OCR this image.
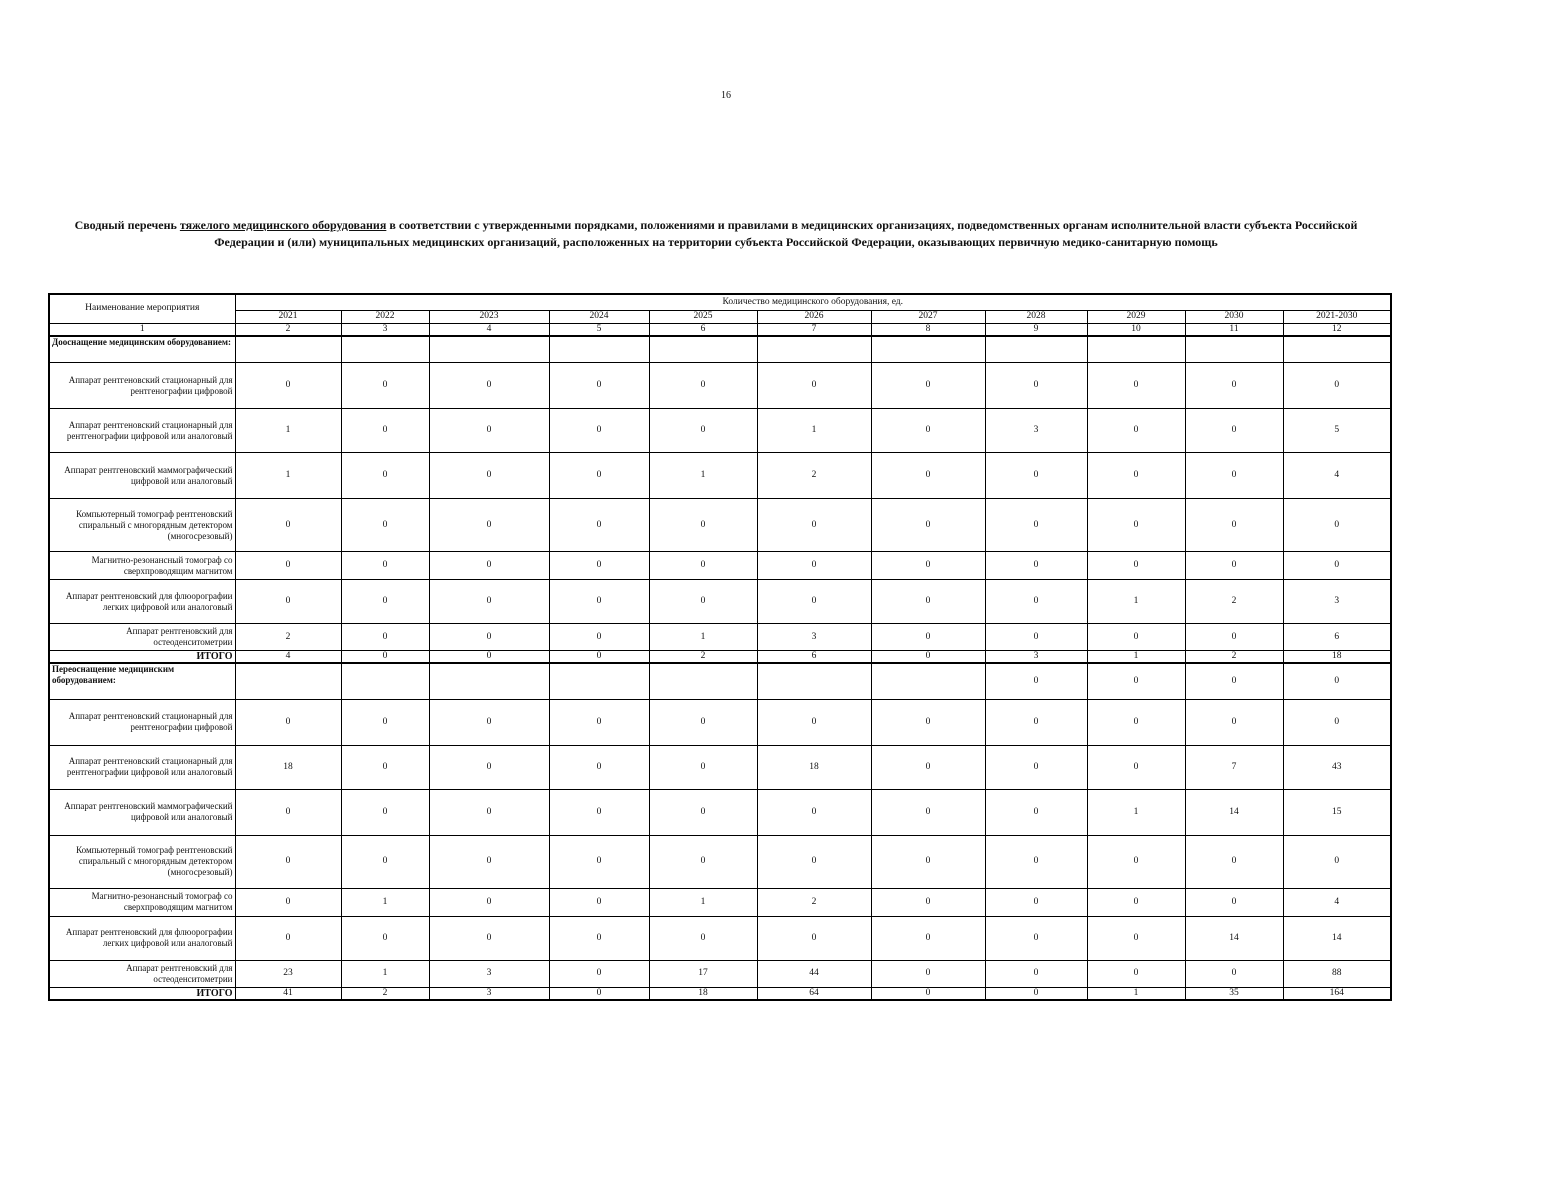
16
Сводный перечень тяжелого медицинского оборудования в соответствии с утвержденными порядками, положениями и правилами в медицинских организациях, подведомственных органам исполнительной власти субъекта Российской Федерации и (или) муниципальных медицинских организаций, расположенных на территории субъекта Российской Федерации, оказывающих первичную медико-санитарную помощь
Наименование мероприятия	Количество медицинского оборудования, ед.										
	2021	2022	2023	2024	2025	2026	2027	2028	2029	2030	2021-2030
1	2	3	4	5	6	7	8	9	10	11	12
Дооснащение медицинским оборудованием:											
Аппарат рентгеновский стационарный для рентгенографии цифровой	0	0	0	0	0	0	0	0	0	0	0
Аппарат рентгеновский стационарный для рентгенографии цифровой или аналоговый	1	0	0	0	0	1	0	3	0	0	5
Аппарат рентгеновский маммографический цифровой или аналоговый	1	0	0	0	1	2	0	0	0	0	4
Компьютерный томограф рентгеновский спиральный с многорядным детектором (многосрезовый)	0	0	0	0	0	0	0	0	0	0	0
Магнитно-резонансный томограф со сверхпроводящим магнитом	0	0	0	0	0	0	0	0	0	0	0
Аппарат рентгеновский для флюорографии легких цифровой или аналоговый	0	0	0	0	0	0	0	0	1	2	3
Аппарат рентгеновский для остеоденситометрии	2	0	0	0	1	3	0	0	0	0	6
ИТОГО	4	0	0	0	2	6	0	3	1	2	18
Переоснащение медицинским оборудованием:								0	0	0	0
Аппарат рентгеновский стационарный для рентгенографии цифровой	0	0	0	0	0	0	0	0	0	0	0
Аппарат рентгеновский стационарный для рентгенографии цифровой или аналоговый	18	0	0	0	0	18	0	0	0	7	43
Аппарат рентгеновский маммографический цифровой или аналоговый	0	0	0	0	0	0	0	0	1	14	15
Компьютерный томограф рентгеновский спиральный с многорядным детектором (многосрезовый)	0	0	0	0	0	0	0	0	0	0	0
Магнитно-резонансный томограф со сверхпроводящим магнитом	0	1	0	0	1	2	0	0	0	0	4
Аппарат рентгеновский для флюорографии легких цифровой или аналоговый	0	0	0	0	0	0	0	0	0	14	14
Аппарат рентгеновский для остеоденситометрии	23	1	3	0	17	44	0	0	0	0	88
ИТОГО	41	2	3	0	18	64	0	0	1	35	164
